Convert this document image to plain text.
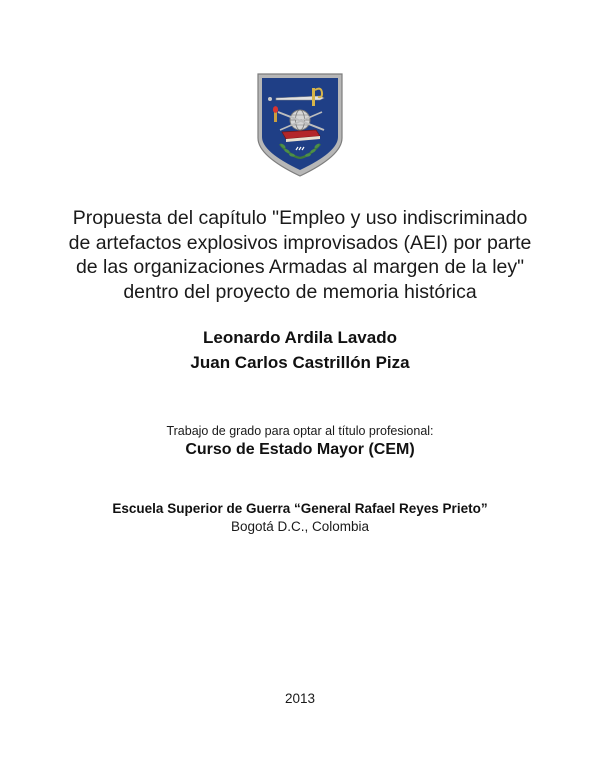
Propuesta del capítulo "Empleo y uso indiscriminado de artefactos explosivos improvisados (AEI) por parte de las organizaciones Armadas al margen de la ley" dentro del proyecto de memoria histórica
Leonardo Ardila Lavado
Juan Carlos Castrillón Piza
Trabajo de grado para optar al título profesional:
Curso de Estado Mayor (CEM)
Escuela Superior de Guerra “General Rafael Reyes Prieto”
Bogotá D.C., Colombia
2013
